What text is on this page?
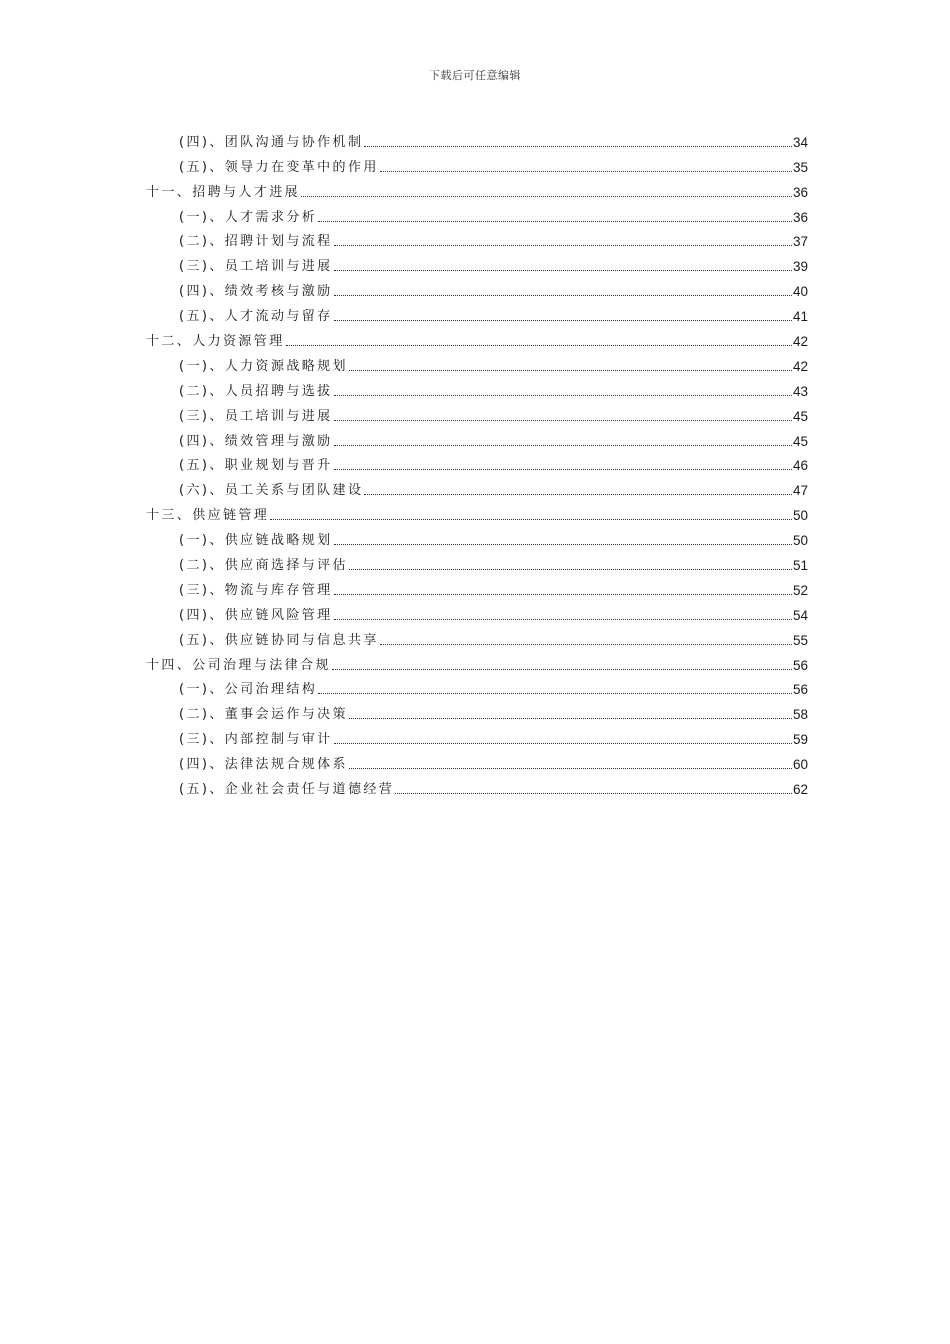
下载后可任意编辑
(四)、团队沟通与协作机制	34
(五)、领导力在变革中的作用	35
十一、招聘与人才进展	36
(一)、人才需求分析	36
(二)、招聘计划与流程	37
(三)、员工培训与进展	39
(四)、绩效考核与激励	40
(五)、人才流动与留存	41
十二、人力资源管理	42
(一)、人力资源战略规划	42
(二)、人员招聘与选拔	43
(三)、员工培训与进展	45
(四)、绩效管理与激励	45
(五)、职业规划与晋升	46
(六)、员工关系与团队建设	47
十三、供应链管理	50
(一)、供应链战略规划	50
(二)、供应商选择与评估	51
(三)、物流与库存管理	52
(四)、供应链风险管理	54
(五)、供应链协同与信息共享	55
十四、公司治理与法律合规	56
(一)、公司治理结构	56
(二)、董事会运作与决策	58
(三)、内部控制与审计	59
(四)、法律法规合规体系	60
(五)、企业社会责任与道德经营	62
